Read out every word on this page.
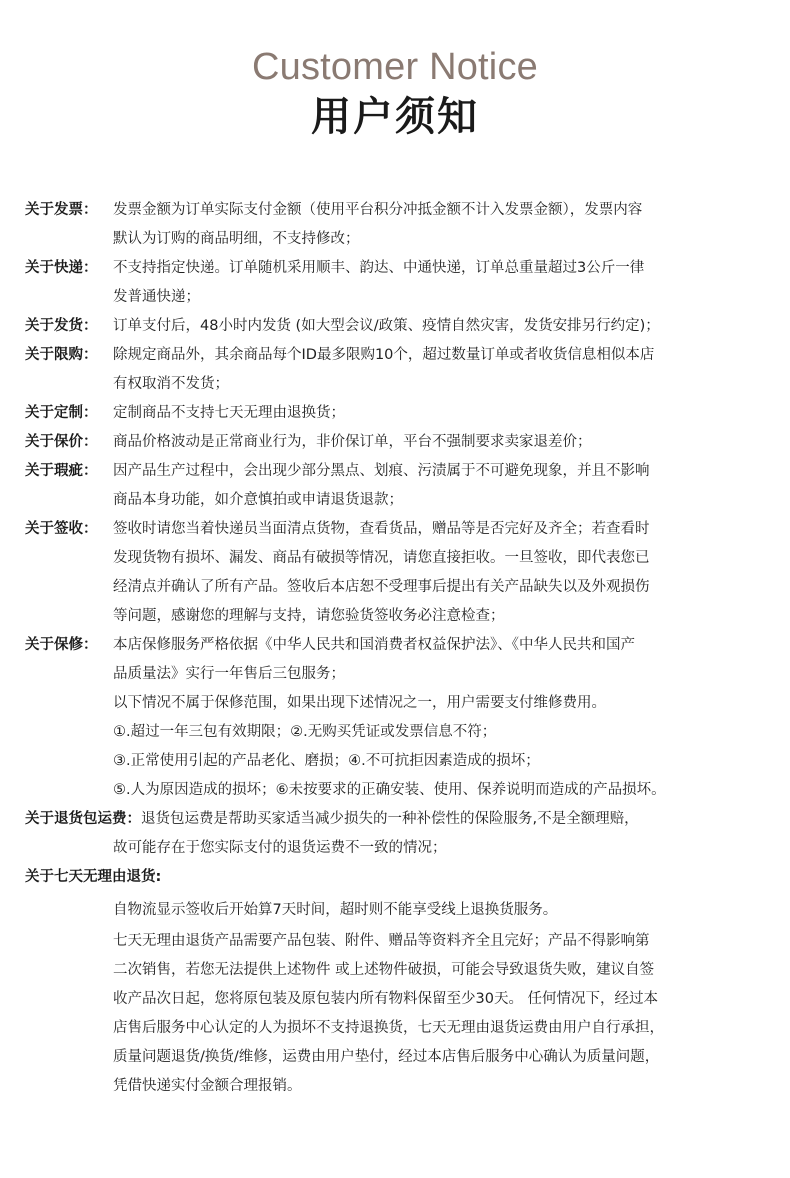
Customer Notice
用户须知
关于发票：	发票金额为订单实际支付金额（使用平台积分冲抵金额不计入发票金额），发票内容
默认为订购的商品明细，不支持修改；
关于快递：	不支持指定快递。订单随机采用顺丰、韵达、中通快递，订单总重量超过3公斤一律
发普通快递；
关于发货：	订单支付后，48小时内发货 (如大型会议/政策、疫情自然灾害，发货安排另行约定)；
关于限购：	除规定商品外，其余商品每个ID最多限购10个，超过数量订单或者收货信息相似本店
有权取消不发货；
关于定制：	定制商品不支持七天无理由退换货；
关于保价：	商品价格波动是正常商业行为，非价保订单，平台不强制要求卖家退差价；
关于瑕疵：	因产品生产过程中，会出现少部分黑点、划痕、污渍属于不可避免现象，并且不影响
商品本身功能，如介意慎拍或申请退货退款；
关于签收：	签收时请您当着快递员当面清点货物，查看货品，赠品等是否完好及齐全；若查看时
发现货物有损坏、漏发、商品有破损等情况，请您直接拒收。一旦签收，即代表您已
经清点并确认了所有产品。签收后本店恕不受理事后提出有关产品缺失以及外观损伤
等问题，感谢您的理解与支持，请您验货签收务必注意检查；
关于保修：	本店保修服务严格依据《中华人民共和国消费者权益保护法》、《中华人民共和国产
品质量法》实行一年售后三包服务；
以下情况不属于保修范围，如果出现下述情况之一，用户需要支付维修费用。
①.超过一年三包有效期限；②.无购买凭证或发票信息不符；
③.正常使用引起的产品老化、磨损；④.不可抗拒因素造成的损坏；
⑤.人为原因造成的损坏；⑥未按要求的正确安装、使用、保养说明而造成的产品损坏。
关于退货包运费：退货包运费是帮助买家适当减少损失的一种补偿性的保险服务,不是全额理赔，
故可能存在于您实际支付的退货运费不一致的情况；
关于七天无理由退货:
自物流显示签收后开始算7天时间，超时则不能享受线上退换货服务。
七天无理由退货产品需要产品包装、附件、赠品等资料齐全且完好；产品不得影响第
二次销售，若您无法提供上述物件 或上述物件破损，可能会导致退货失败，建议自签
收产品次日起，您将原包装及原包装内所有物料保留至少30天。 任何情况下，经过本
店售后服务中心认定的人为损坏不支持退换货，七天无理由退货运费由用户自行承担，
质量问题退货/换货/维修，运费由用户垫付，经过本店售后服务中心确认为质量问题，
凭借快递实付金额合理报销。
